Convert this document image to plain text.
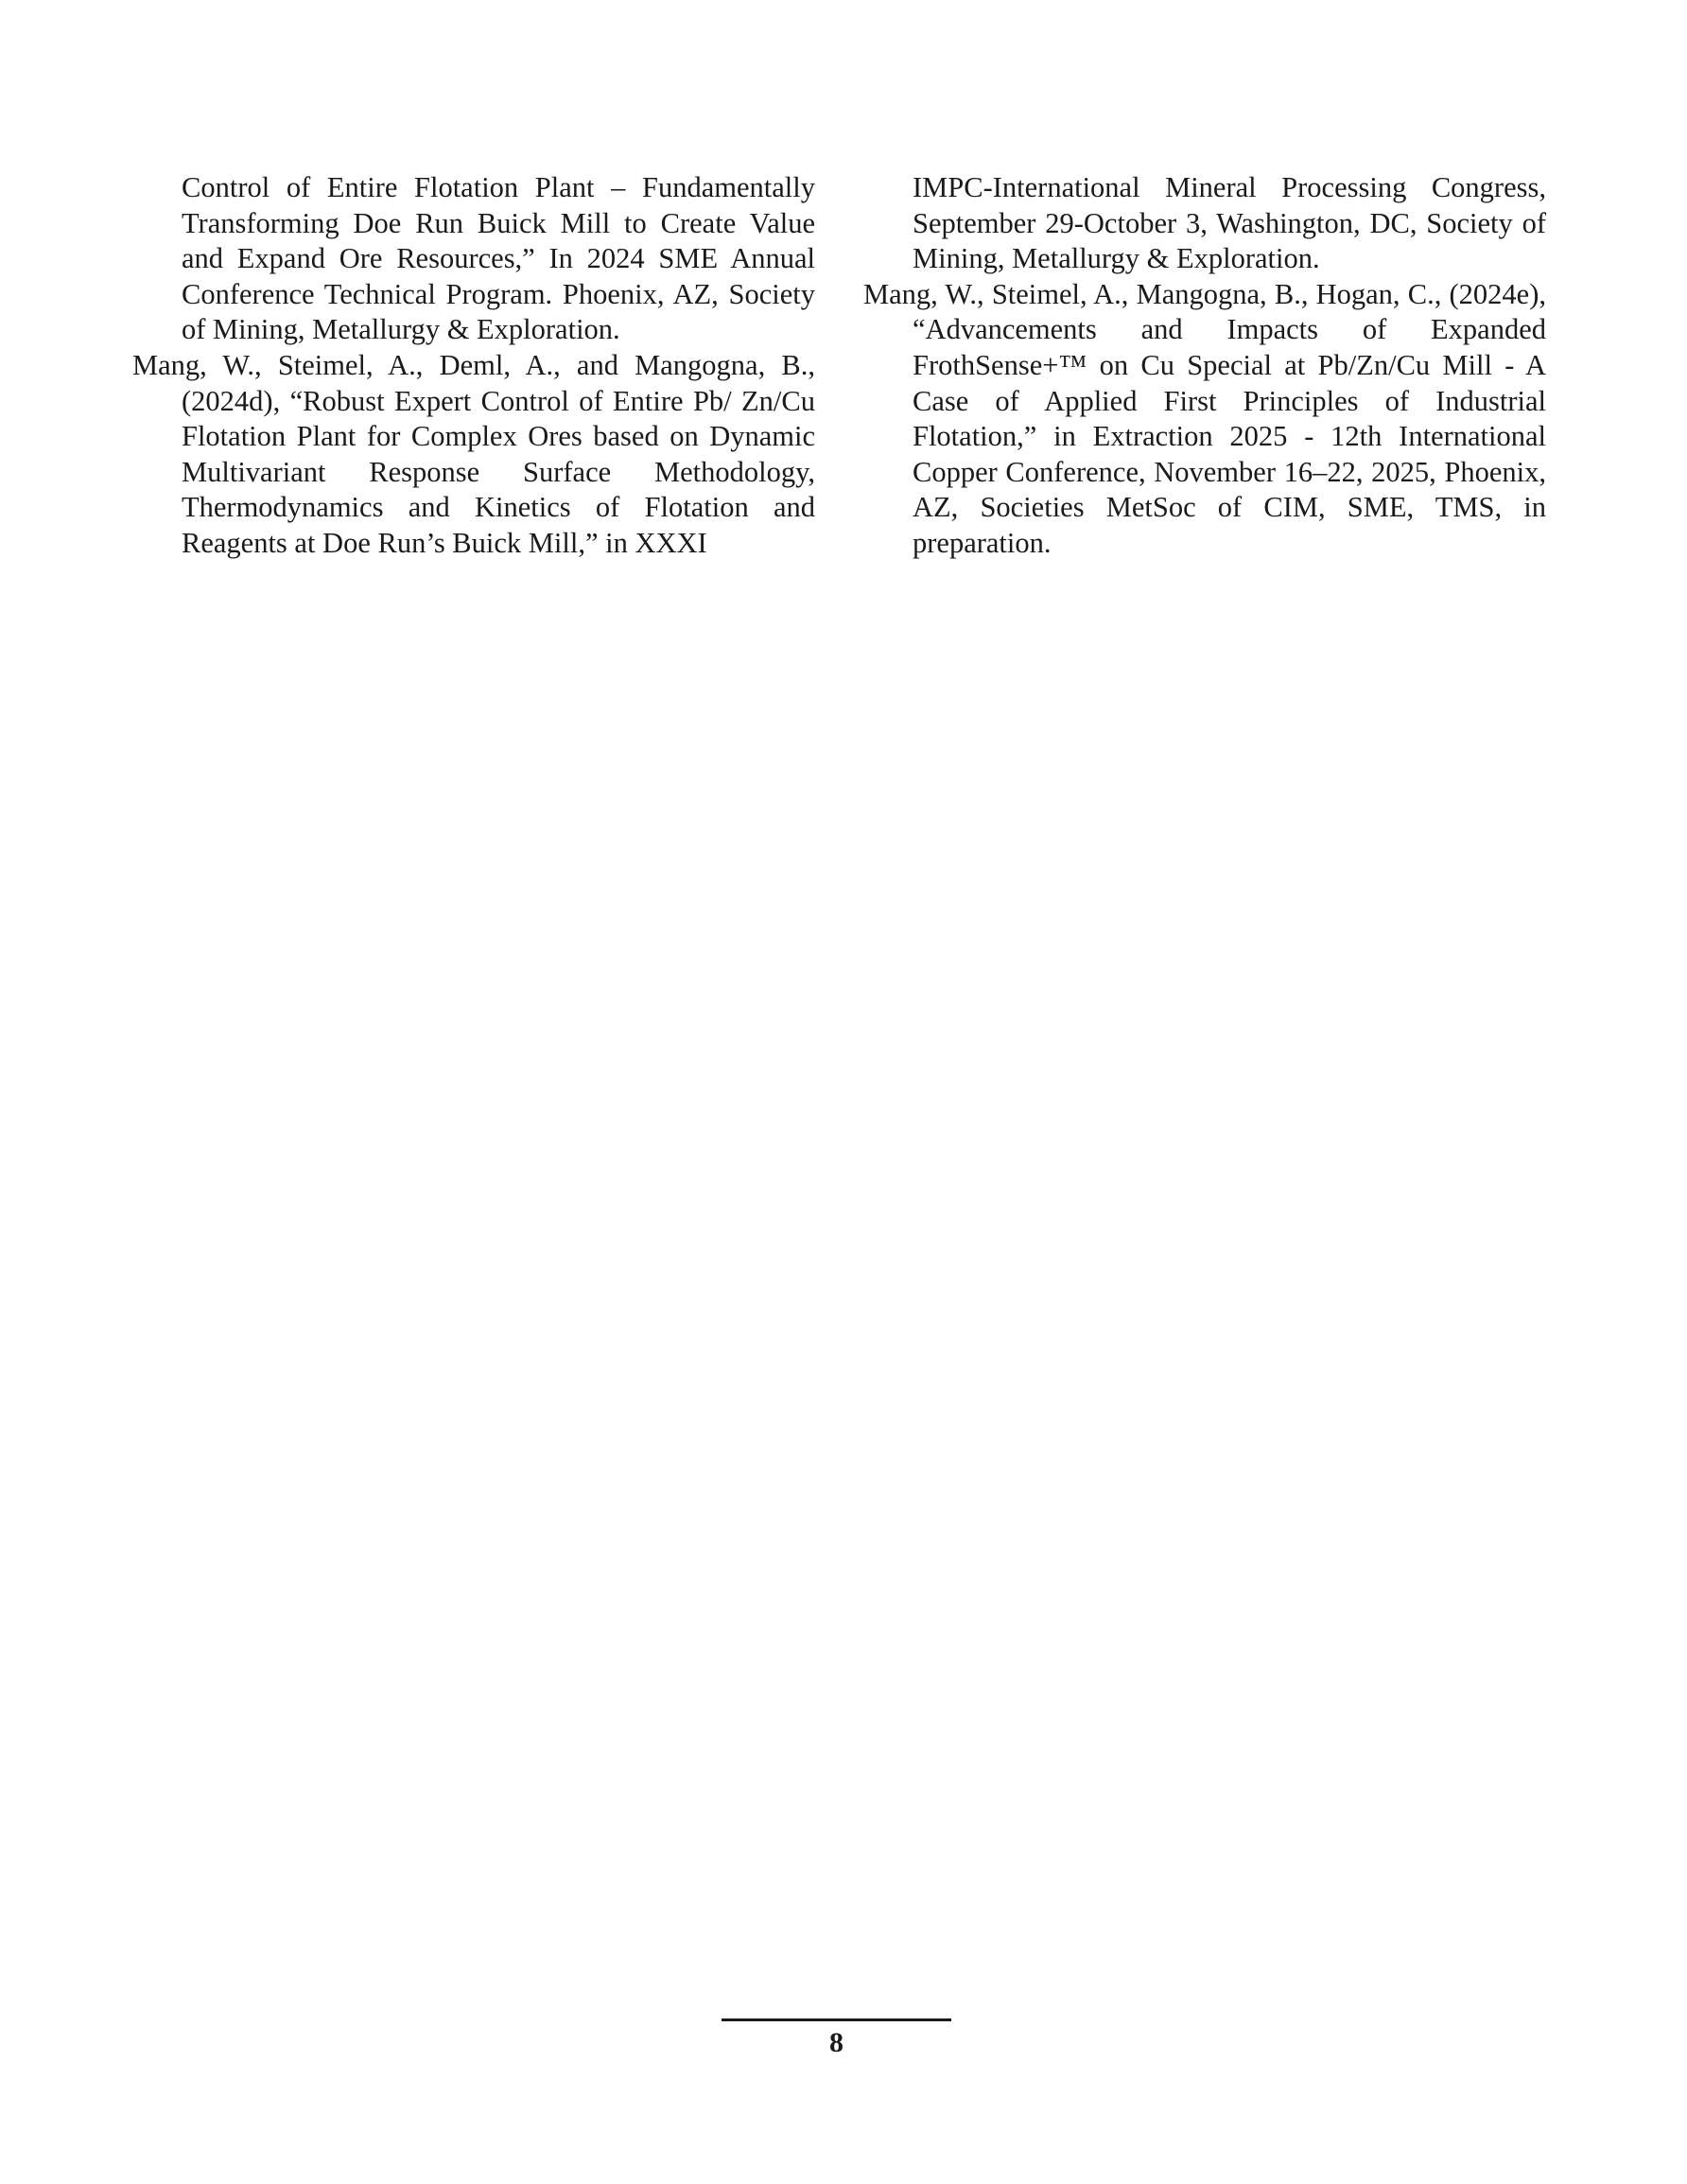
Control of Entire Flotation Plant – Fundamentally Transforming Doe Run Buick Mill to Create Value and Expand Ore Resources,” In 2024 SME Annual Conference Technical Program. Phoenix, AZ, Society of Mining, Metallurgy & Exploration.

Mang, W., Steimel, A., Deml, A., and Mangogna, B., (2024d), “Robust Expert Control of Entire Pb/ Zn/Cu Flotation Plant for Complex Ores based on Dynamic Multivariant Response Surface Methodology, Thermodynamics and Kinetics of Flotation and Reagents at Doe Run’s Buick Mill,” in XXXI

IMPC-International Mineral Processing Congress, September 29-October 3, Washington, DC, Society of Mining, Metallurgy & Exploration.

Mang, W., Steimel, A., Mangogna, B., Hogan, C., (2024e), “Advancements and Impacts of Expanded FrothSense+™ on Cu Special at Pb/Zn/Cu Mill - A Case of Applied First Principles of Industrial Flotation,” in Extraction 2025 - 12th International Copper Conference, November 16–22, 2025, Phoenix, AZ, Societies MetSoc of CIM, SME, TMS, in preparation.

8
